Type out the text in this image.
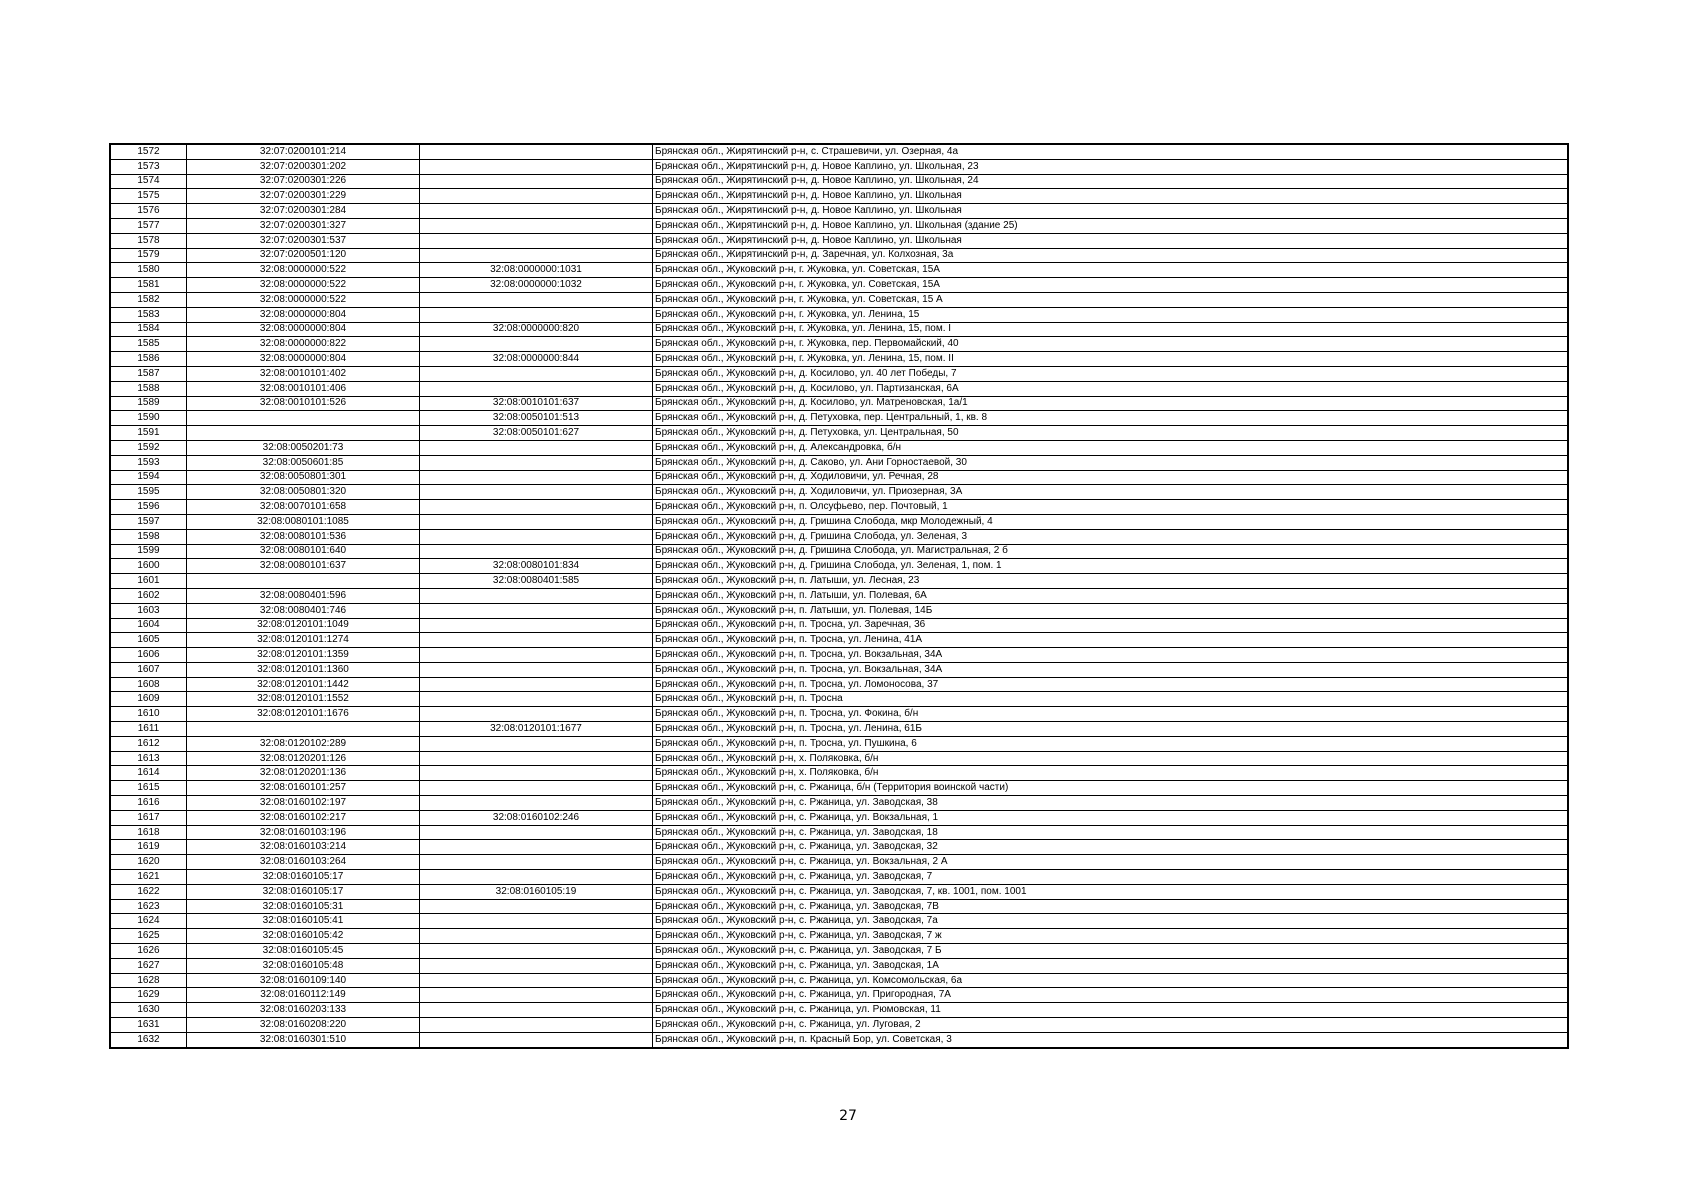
1572	32:07:0200101:214		Брянская обл., Жирятинский р-н, с. Страшевичи, ул. Озерная, 4а
1573	32:07:0200301:202		Брянская обл., Жирятинский р-н, д. Новое Каплино, ул. Школьная, 23
1574	32:07:0200301:226		Брянская обл., Жирятинский р-н, д. Новое Каплино, ул. Школьная, 24
1575	32:07:0200301:229		Брянская обл., Жирятинский р-н, д. Новое Каплино, ул. Школьная
1576	32:07:0200301:284		Брянская обл., Жирятинский р-н, д. Новое Каплино, ул. Школьная
1577	32:07:0200301:327		Брянская обл., Жирятинский р-н, д. Новое Каплино, ул. Школьная (здание 25)
1578	32:07:0200301:537		Брянская обл., Жирятинский р-н, д. Новое Каплино, ул. Школьная
1579	32:07:0200501:120		Брянская обл., Жирятинский р-н, д. Заречная, ул. Колхозная, 3а
1580	32:08:0000000:522	32:08:0000000:1031	Брянская обл., Жуковский р-н, г. Жуковка, ул. Советская, 15А
1581	32:08:0000000:522	32:08:0000000:1032	Брянская обл., Жуковский р-н, г. Жуковка, ул. Советская, 15А
1582	32:08:0000000:522		Брянская обл., Жуковский р-н, г. Жуковка, ул. Советская, 15 А
1583	32:08:0000000:804		Брянская обл., Жуковский р-н, г. Жуковка, ул. Ленина, 15
1584	32:08:0000000:804	32:08:0000000:820	Брянская обл., Жуковский р-н, г. Жуковка, ул. Ленина, 15, пом. I
1585	32:08:0000000:822		Брянская обл., Жуковский р-н, г. Жуковка, пер. Первомайский, 40
1586	32:08:0000000:804	32:08:0000000:844	Брянская обл., Жуковский р-н, г. Жуковка, ул. Ленина, 15, пом. II
1587	32:08:0010101:402		Брянская обл., Жуковский р-н, д. Косилово, ул. 40 лет Победы, 7
1588	32:08:0010101:406		Брянская обл., Жуковский р-н, д. Косилово, ул. Партизанская, 6А
1589	32:08:0010101:526	32:08:0010101:637	Брянская обл., Жуковский р-н, д. Косилово, ул. Матреновская, 1а/1
1590		32:08:0050101:513	Брянская обл., Жуковский р-н, д. Петуховка, пер. Центральный, 1, кв. 8
1591		32:08:0050101:627	Брянская обл., Жуковский р-н, д. Петуховка, ул. Центральная, 50
1592	32:08:0050201:73		Брянская обл., Жуковский р-н, д. Александровка, б/н
1593	32:08:0050601:85		Брянская обл., Жуковский р-н, д. Саково, ул. Ани Горностаевой, 30
1594	32:08:0050801:301		Брянская обл., Жуковский р-н, д. Ходиловичи, ул. Речная, 28
1595	32:08:0050801:320		Брянская обл., Жуковский р-н, д. Ходиловичи, ул. Приозерная, 3А
1596	32:08:0070101:658		Брянская обл., Жуковский р-н, п. Олсуфьево, пер. Почтовый, 1
1597	32:08:0080101:1085		Брянская обл., Жуковский р-н, д. Гришина Слобода, мкр Молодежный, 4
1598	32:08:0080101:536		Брянская обл., Жуковский р-н, д. Гришина Слобода, ул. Зеленая, 3
1599	32:08:0080101:640		Брянская обл., Жуковский р-н, д. Гришина Слобода, ул. Магистральная, 2 б
1600	32:08:0080101:637	32:08:0080101:834	Брянская обл., Жуковский р-н, д. Гришина Слобода, ул. Зеленая, 1, пом. 1
1601		32:08:0080401:585	Брянская обл., Жуковский р-н, п. Латыши, ул. Лесная, 23
1602	32:08:0080401:596		Брянская обл., Жуковский р-н, п. Латыши, ул. Полевая, 6А
1603	32:08:0080401:746		Брянская обл., Жуковский р-н, п. Латыши, ул. Полевая, 14Б
1604	32:08:0120101:1049		Брянская обл., Жуковский р-н, п. Троcна, ул. Заречная, 36
1605	32:08:0120101:1274		Брянская обл., Жуковский р-н, п. Троcна, ул. Ленина, 41А
1606	32:08:0120101:1359		Брянская обл., Жуковский р-н, п. Троcна, ул. Вокзальная, 34А
1607	32:08:0120101:1360		Брянская обл., Жуковский р-н, п. Троcна, ул. Вокзальная, 34А
1608	32:08:0120101:1442		Брянская обл., Жуковский р-н, п. Троcна, ул. Ломоносова, 37
1609	32:08:0120101:1552		Брянская обл., Жуковский р-н, п. Троcна
1610	32:08:0120101:1676		Брянская обл., Жуковский р-н, п. Троcна, ул. Фокина, б/н
1611		32:08:0120101:1677	Брянская обл., Жуковский р-н, п. Троcна, ул. Ленина, 61Б
1612	32:08:0120102:289		Брянская обл., Жуковский р-н, п. Троcна, ул. Пушкина, 6
1613	32:08:0120201:126		Брянская обл., Жуковский р-н, х. Поляковка, б/н
1614	32:08:0120201:136		Брянская обл., Жуковский р-н, х. Поляковка, б/н
1615	32:08:0160101:257		Брянская обл., Жуковский р-н, с. Ржаница, б/н (Территория воинской части)
1616	32:08:0160102:197		Брянская обл., Жуковский р-н, с. Ржаница, ул. Заводская, 38
1617	32:08:0160102:217	32:08:0160102:246	Брянская обл., Жуковский р-н, с. Ржаница, ул. Вокзальная, 1
1618	32:08:0160103:196		Брянская обл., Жуковский р-н, с. Ржаница, ул. Заводская, 18
1619	32:08:0160103:214		Брянская обл., Жуковский р-н, с. Ржаница, ул. Заводская, 32
1620	32:08:0160103:264		Брянская обл., Жуковский р-н, с. Ржаница, ул. Вокзальная, 2 А
1621	32:08:0160105:17		Брянская обл., Жуковский р-н, с. Ржаница, ул. Заводская, 7
1622	32:08:0160105:17	32:08:0160105:19	Брянская обл., Жуковский р-н, с. Ржаница, ул. Заводская, 7, кв. 1001, пом. 1001
1623	32:08:0160105:31		Брянская обл., Жуковский р-н, с. Ржаница, ул. Заводская, 7В
1624	32:08:0160105:41		Брянская обл., Жуковский р-н, с. Ржаница, ул. Заводская, 7а
1625	32:08:0160105:42		Брянская обл., Жуковский р-н, с. Ржаница, ул. Заводская, 7 ж
1626	32:08:0160105:45		Брянская обл., Жуковский р-н, с. Ржаница, ул. Заводская, 7 Б
1627	32:08:0160105:48		Брянская обл., Жуковский р-н, с. Ржаница, ул. Заводская, 1А
1628	32:08:0160109:140		Брянская обл., Жуковский р-н, с. Ржаница, ул. Комсомольская, 6а
1629	32:08:0160112:149		Брянская обл., Жуковский р-н, с. Ржаница, ул. Пригородная, 7А
1630	32:08:0160203:133		Брянская обл., Жуковский р-н, с. Ржаница, ул. Рюмовская, 11
1631	32:08:0160208:220		Брянская обл., Жуковский р-н, с. Ржаница, ул. Луговая, 2
1632	32:08:0160301:510		Брянская обл., Жуковский р-н, п. Красный Бор, ул. Советская, 3
27
